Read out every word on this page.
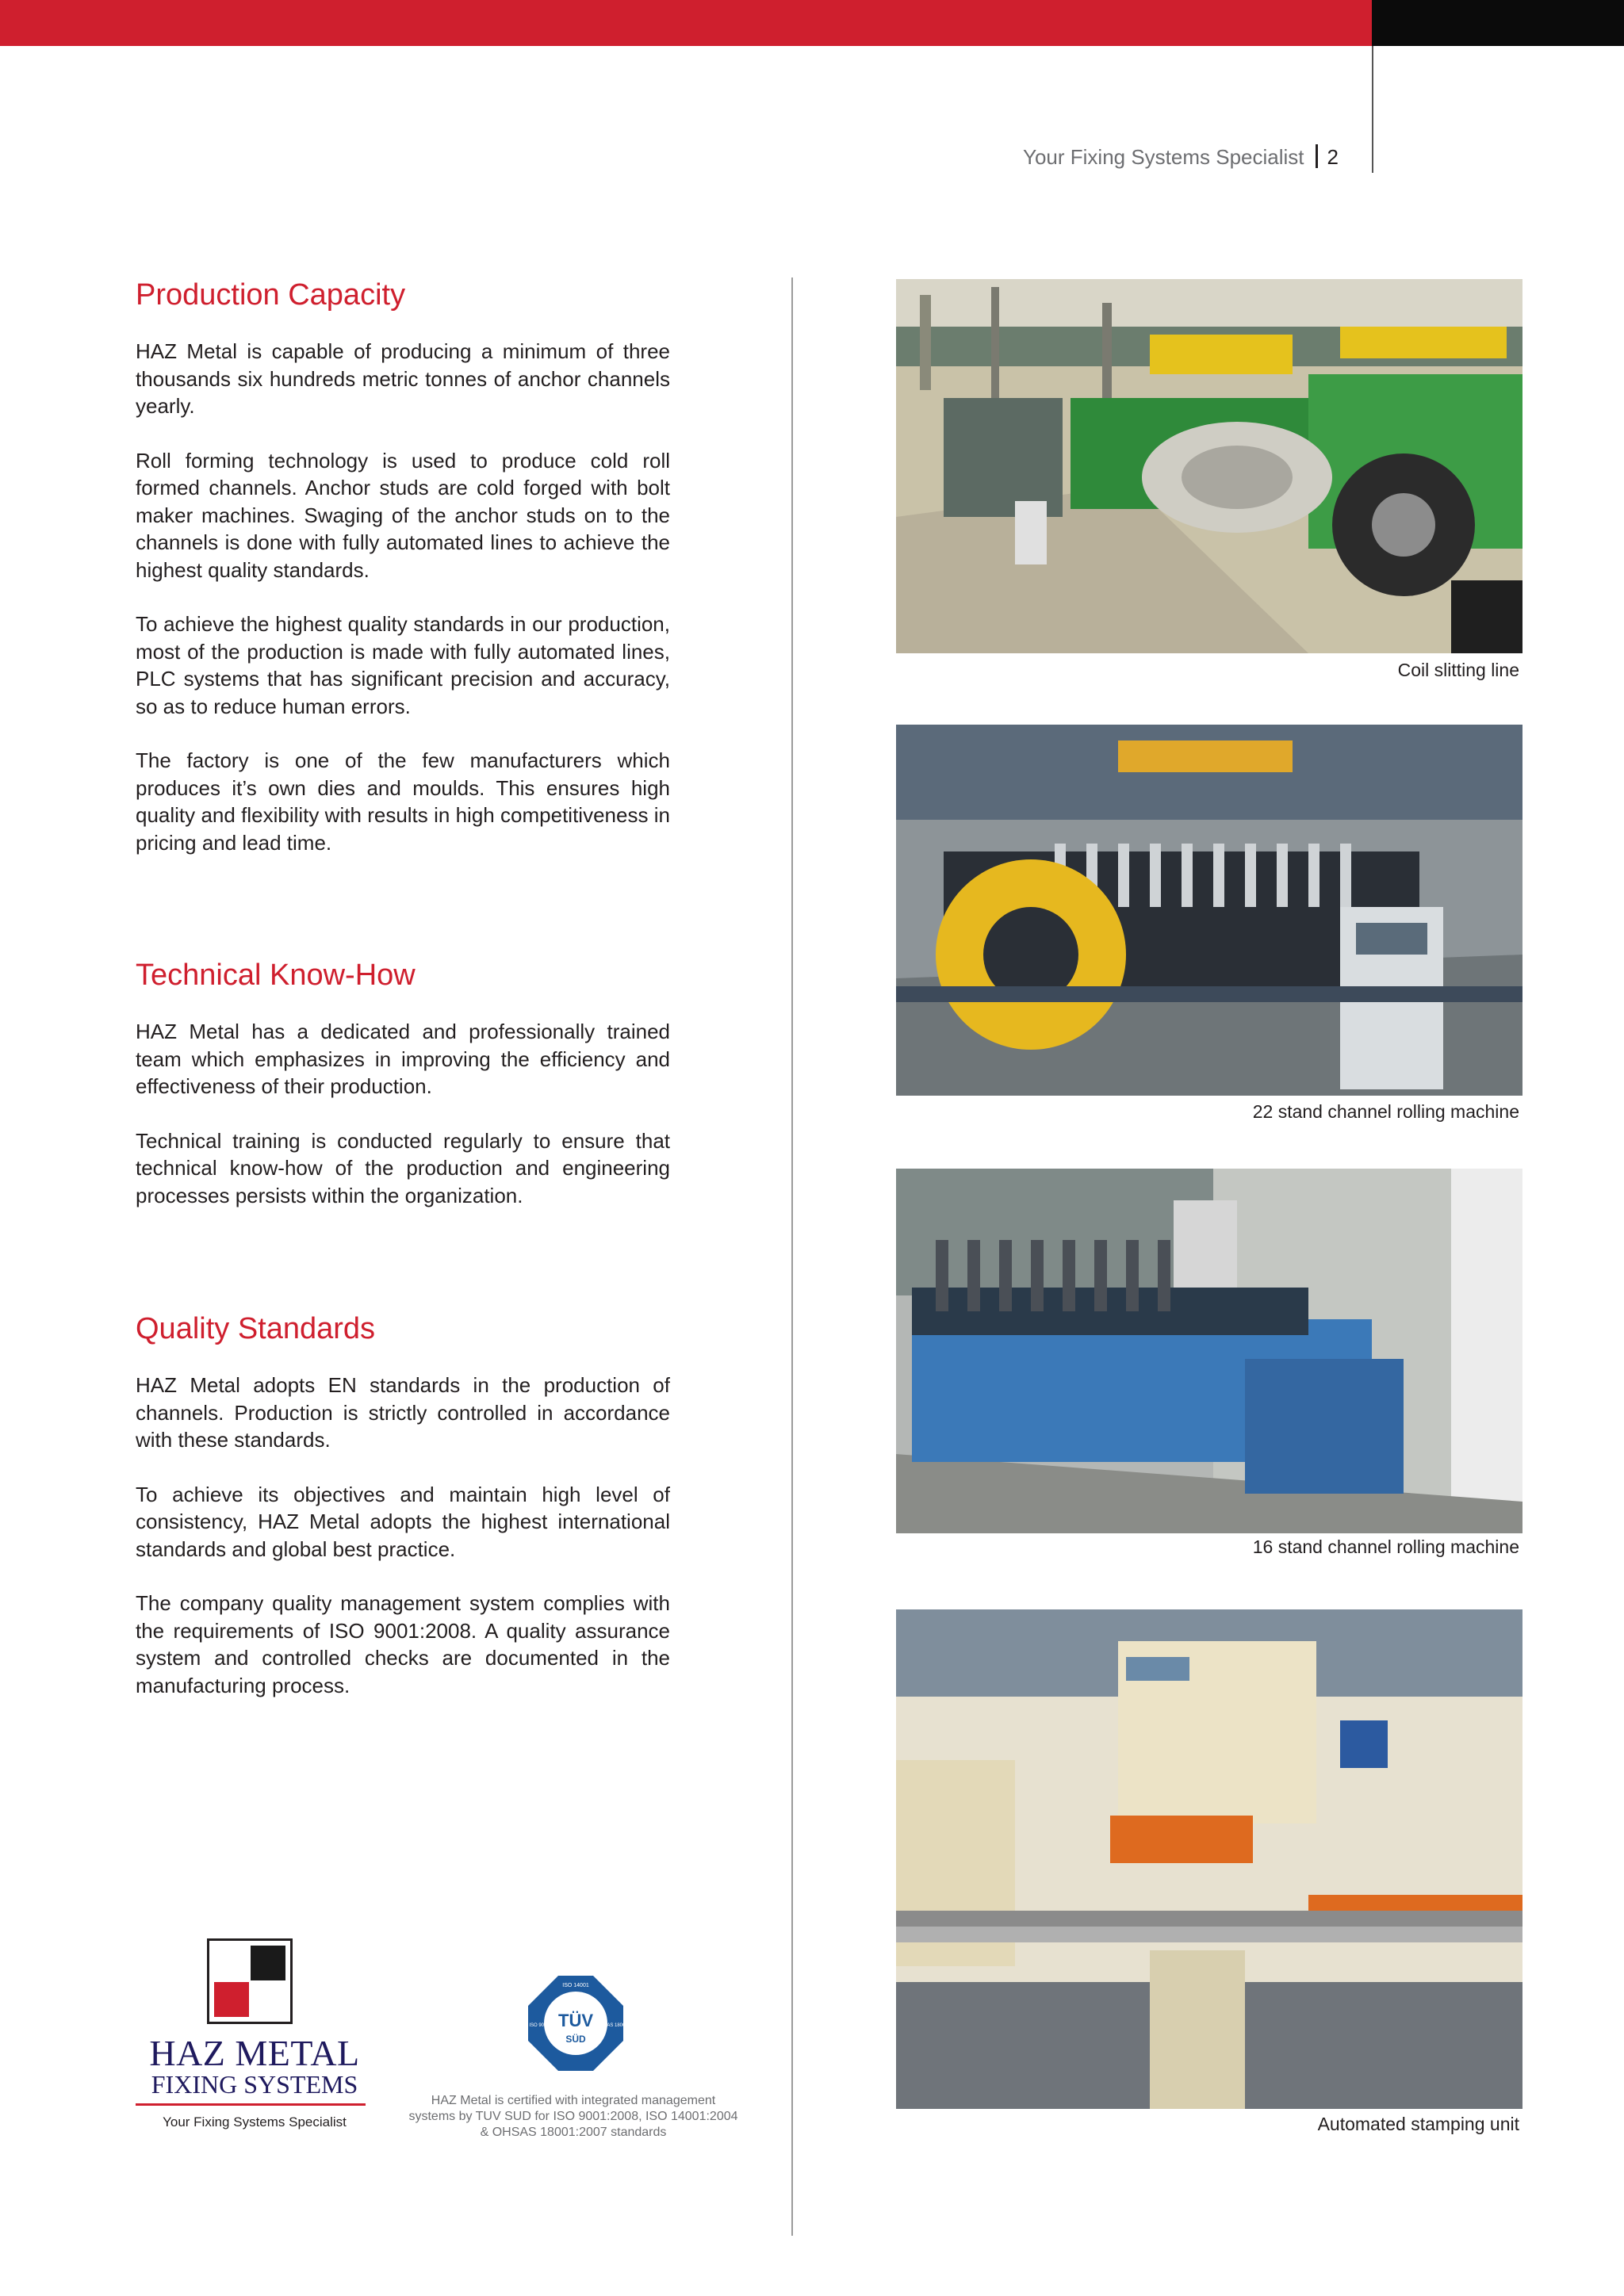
Your Fixing Systems Specialist 2
Production Capacity

HAZ Metal is capable of producing a minimum of three thousands six hundreds metric tonnes of anchor channels yearly.

Roll forming technology is used to produce cold roll formed channels. Anchor studs are cold forged with bolt maker machines. Swaging of the anchor studs on to the channels is done with fully automated lines to achieve the highest quality standards.

To achieve the highest quality standards in our production, most of the production is made with fully automated lines, PLC systems that has significant precision and accuracy, so as to reduce human errors.

The factory is one of the few manufacturers which produces it’s own dies and moulds. This ensures high quality and flexibility with results in high competitiveness in pricing and lead time.

Technical Know-How

HAZ Metal has a dedicated and professionally trained team which emphasizes in improving the efficiency and effectiveness of their production.

Technical training is conducted regularly to ensure that technical know-how of the production and engineering processes persists within the organization.

Quality Standards

HAZ Metal adopts EN standards in the production of channels. Production is strictly controlled in accordance with these standards.

To achieve its objectives and maintain high level of consistency, HAZ Metal adopts the highest international standards and global best practice.

The company quality management system complies with the requirements of ISO 9001:2008. A quality assurance system and controlled checks are documented in the manufacturing process.

Coil slitting line
22 stand channel rolling machine
16 stand channel rolling machine
Automated stamping unit
HAZ METAL
FIXING SYSTEMS
Your Fixing Systems Specialist
TÜV
SÜD
ISO 14001
ISO 9001	OHSAS 18001
HAZ Metal is certified with integrated management
systems by TUV SUD for ISO 9001:2008, ISO 14001:2004
& OHSAS 18001:2007 standards
